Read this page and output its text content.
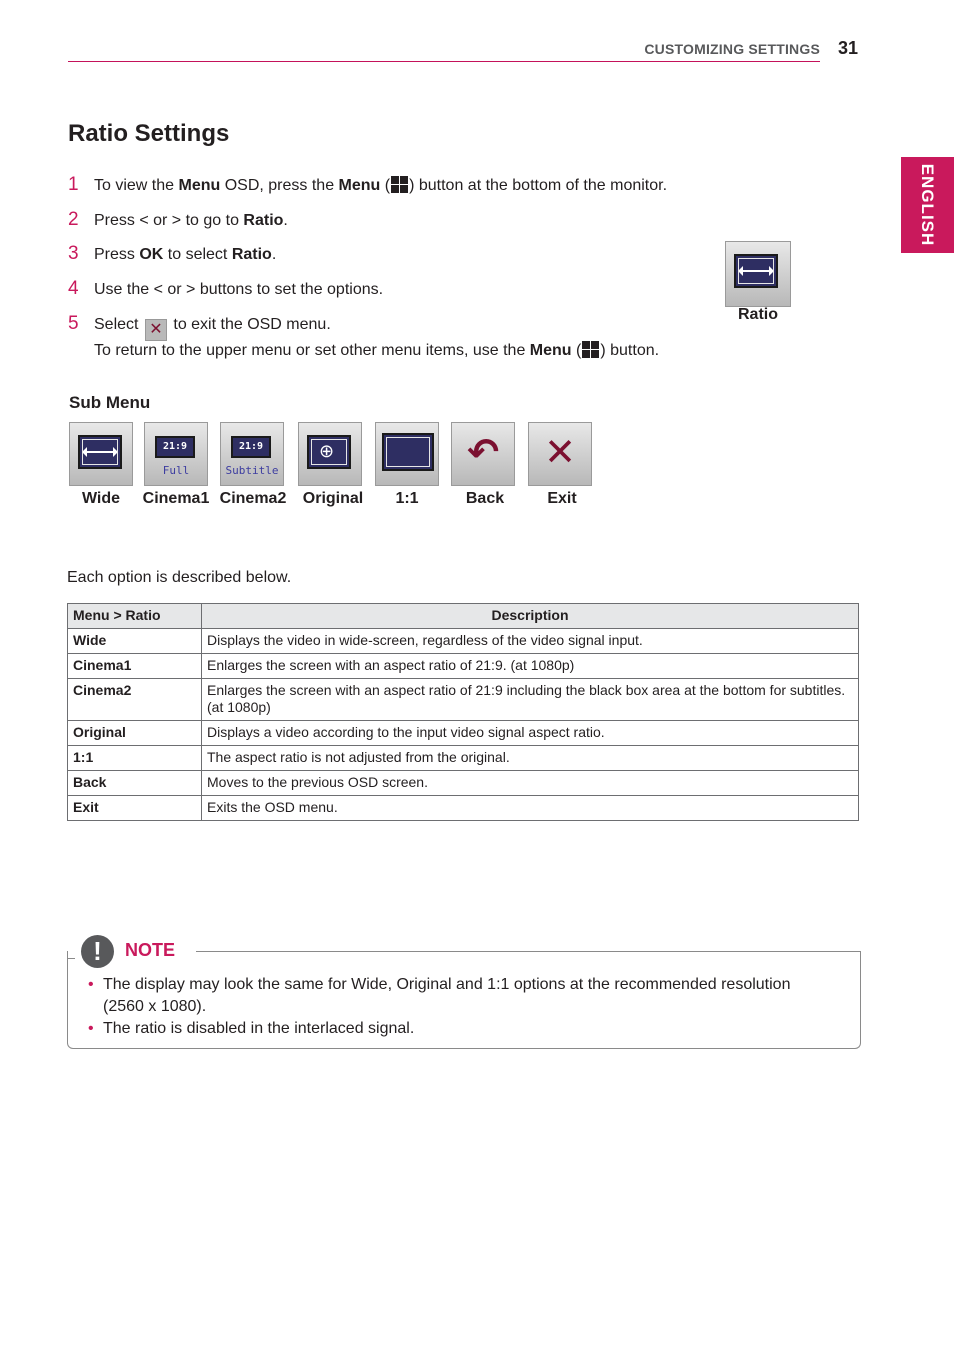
CUSTOMIZING SETTINGS 31
ENGLISH
Ratio Settings
1 To view the Menu OSD, press the Menu ( ) button at the bottom of the monitor.
2 Press < or > to go to Ratio.
3 Press OK to select Ratio.
4 Use the < or > buttons to set the options.
5 Select ✕ to exit the OSD menu.
To return to the upper menu or set other menu items, use the Menu ( ) button.
Ratio
Sub Menu
21:9
Full
21:9
Subtitle
⊕	↶	✕
Wide	Cinema1 Cinema2	Original	1:1	Back	Exit
Each option is described below.
Menu > Ratio	Description
Wide	Displays the video in wide-screen, regardless of the video signal input.
Cinema1	Enlarges the screen with an aspect ratio of 21:9. (at 1080p)
Cinema2	Enlarges the screen with an aspect ratio of 21:9 including the black box area at the bottom for subtitles. (at 1080p)
Original	Displays a video according to the input video signal aspect ratio.
1:1	The aspect ratio is not adjusted from the original.
Back	Moves to the previous OSD screen.
Exit	Exits the OSD menu.
!	NOTE
• The display may look the same for Wide, Original and 1:1 options at the recommended resolution (2560 x 1080).
• The ratio is disabled in the interlaced signal.
